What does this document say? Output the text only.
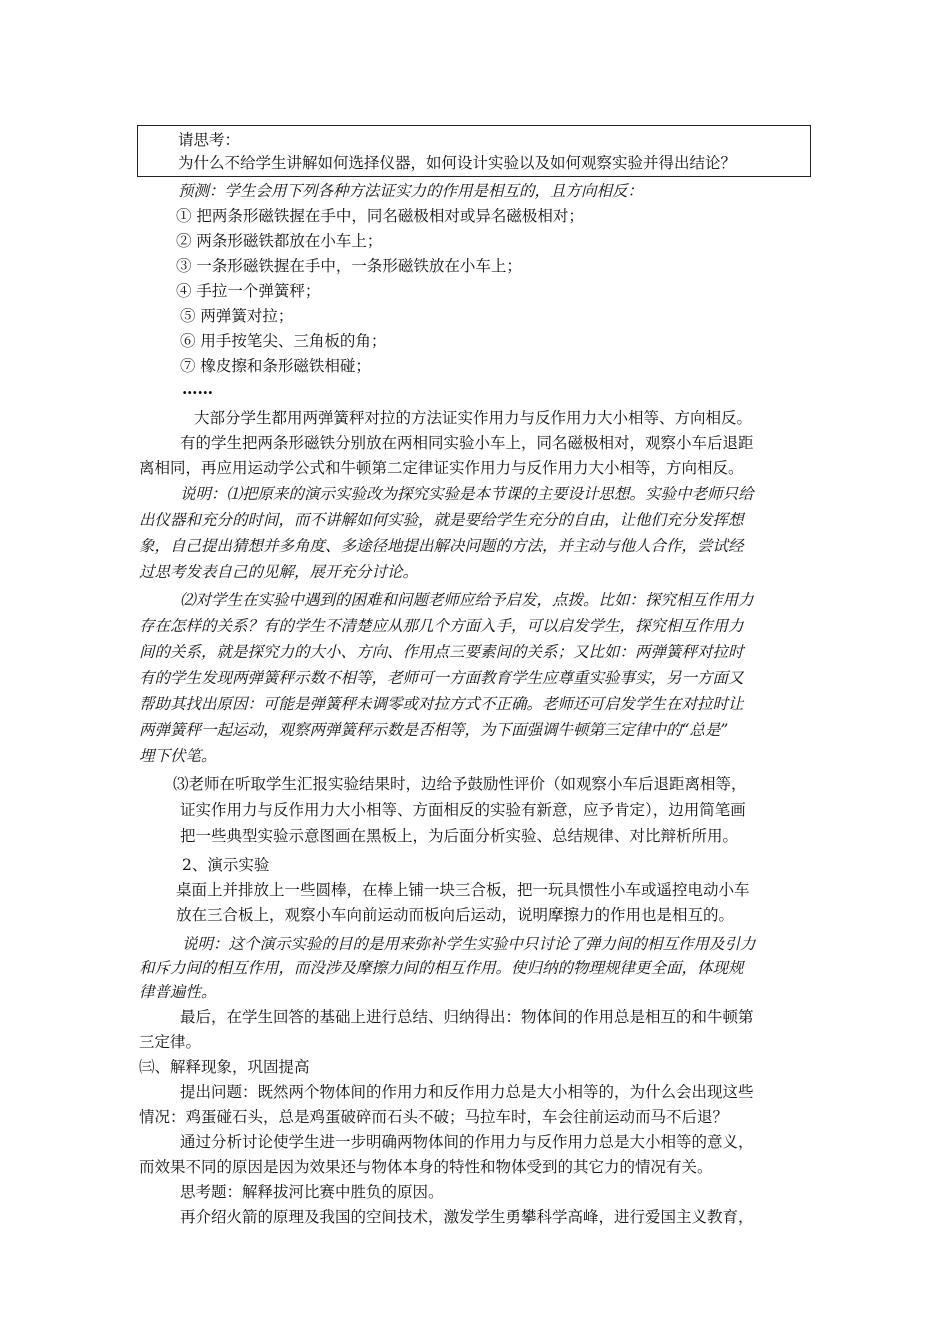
请思考：
为什么不给学生讲解如何选择仪器，如何设计实验以及如何观察实验并得出结论？
预测：学生会用下列各种方法证实力的作用是相互的，且方向相反：
① 把两条形磁铁握在手中，同名磁极相对或异名磁极相对；
② 两条形磁铁都放在小车上；
③ 一条形磁铁握在手中，一条形磁铁放在小车上；
④ 手拉一个弹簧秤；
⑤ 两弹簧对拉；
⑥ 用手按笔尖、三角板的角；
⑦ 橡皮擦和条形磁铁相碰；
……
大部分学生都用两弹簧秤对拉的方法证实作用力与反作用力大小相等、方向相反。
有的学生把两条形磁铁分别放在两相同实验小车上，同名磁极相对，观察小车后退距
离相同，再应用运动学公式和牛顿第二定律证实作用力与反作用力大小相等，方向相反。
说明：⑴把原来的演示实验改为探究实验是本节课的主要设计思想。实验中老师只给
出仪器和充分的时间，而不讲解如何实验，就是要给学生充分的自由，让他们充分发挥想
象，自己提出猜想并多角度、多途径地提出解决问题的方法，并主动与他人合作，尝试经
过思考发表自己的见解，展开充分讨论。
⑵对学生在实验中遇到的困难和问题老师应给予启发，点拨。比如：探究相互作用力
存在怎样的关系？有的学生不清楚应从那几个方面入手，可以启发学生，探究相互作用力
间的关系，就是探究力的大小、方向、作用点三要素间的关系；又比如：两弹簧秤对拉时
有的学生发现两弹簧秤示数不相等，老师可一方面教育学生应尊重实验事实，另一方面又
帮助其找出原因：可能是弹簧秤未调零或对拉方式不正确。老师还可启发学生在对拉时让
两弹簧秤一起运动，观察两弹簧秤示数是否相等，为下面强调牛顿第三定律中的“总是”
埋下伏笔。
⑶老师在听取学生汇报实验结果时，边给予鼓励性评价（如观察小车后退距离相等，
证实作用力与反作用力大小相等、方面相反的实验有新意，应予肯定），边用简笔画
把一些典型实验示意图画在黑板上，为后面分析实验、总结规律、对比辩析所用。
2、演示实验
桌面上并排放上一些圆棒，在棒上铺一块三合板，把一玩具惯性小车或遥控电动小车
放在三合板上，观察小车向前运动而板向后运动，说明摩擦力的作用也是相互的。
说明：这个演示实验的目的是用来弥补学生实验中只讨论了弹力间的相互作用及引力
和斥力间的相互作用，而没涉及摩擦力间的相互作用。使归纳的物理规律更全面，体现规
律普遍性。
最后，在学生回答的基础上进行总结、归纳得出：物体间的作用总是相互的和牛顿第
三定律。
㈢、解释现象，巩固提高
提出问题：既然两个物体间的作用力和反作用力总是大小相等的，为什么会出现这些
情况：鸡蛋碰石头，总是鸡蛋破碎而石头不破；马拉车时，车会往前运动而马不后退？
通过分析讨论使学生进一步明确两物体间的作用力与反作用力总是大小相等的意义，
而效果不同的原因是因为效果还与物体本身的特性和物体受到的其它力的情况有关。
思考题：解释拔河比赛中胜负的原因。
再介绍火箭的原理及我国的空间技术，激发学生勇攀科学高峰，进行爱国主义教育，
